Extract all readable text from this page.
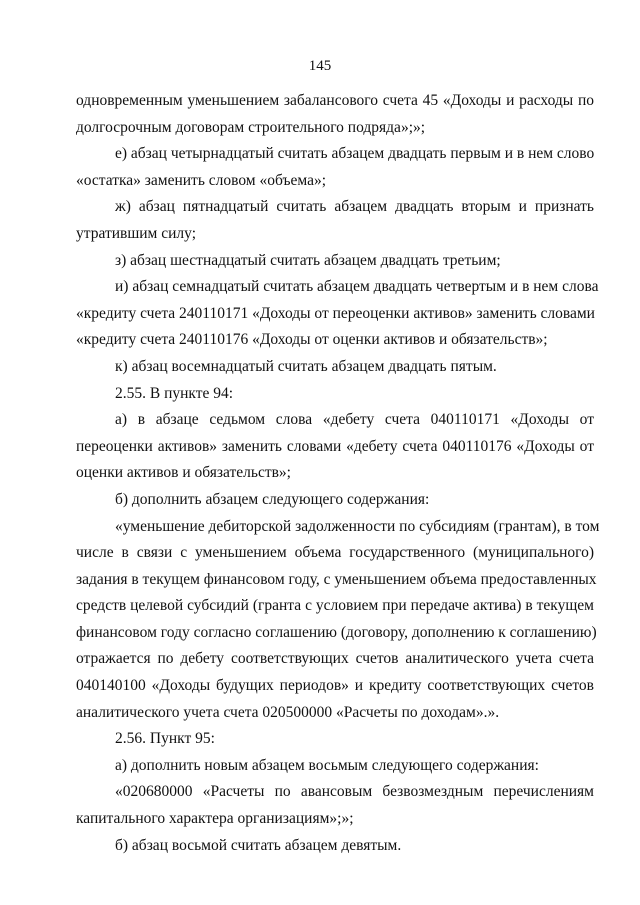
145

одновременным уменьшением забалансового счета 45 «Доходы и расходы по
долгосрочным договорам строительного подряда»;»;

е) абзац четырнадцатый считать абзацем двадцать первым и в нем слово
«остатка» заменить словом «объема»;

ж) абзац пятнадцатый считать абзацем двадцать вторым и признать
утратившим силу;

з) абзац шестнадцатый считать абзацем двадцать третьим;

и) абзац семнадцатый считать абзацем двадцать четвертым и в нем слова
«кредиту счета 240110171 «Доходы от переоценки активов» заменить словами
«кредиту счета 240110176 «Доходы от оценки активов и обязательств»;

к) абзац восемнадцатый считать абзацем двадцать пятым.

2.55. В пункте 94:

а) в абзаце седьмом слова «дебету счета 040110171 «Доходы от
переоценки активов» заменить словами «дебету счета 040110176 «Доходы от
оценки активов и обязательств»;

б) дополнить абзацем следующего содержания:

«уменьшение дебиторской задолженности по субсидиям (грантам), в том
числе в связи с уменьшением объема государственного (муниципального)
задания в текущем финансовом году, с уменьшением объема предоставленных
средств целевой субсидий (гранта с условием при передаче актива) в текущем
финансовом году согласно соглашению (договору, дополнению к соглашению)
отражается по дебету соответствующих счетов аналитического учета счета
040140100 «Доходы будущих периодов» и кредиту соответствующих счетов
аналитического учета счета 020500000 «Расчеты по доходам».».

2.56. Пункт 95:

а) дополнить новым абзацем восьмым следующего содержания:

«020680000 «Расчеты по авансовым безвозмездным перечислениям
капитального характера организациям»;»;

б) абзац восьмой считать абзацем девятым.
